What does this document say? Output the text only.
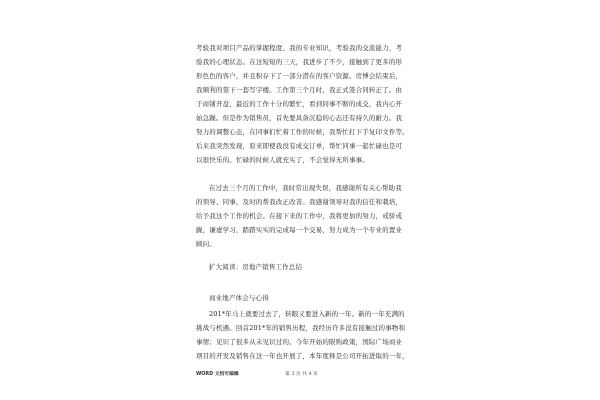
考验我对项目产品的掌握程度、我的专业知识，考验我的交流能力，考
验我的心理状态。在这短短的三天，我进步了不少，接触到了更多的形
形色色的客户，并且积存下了一部分潜在的客户资源。房博会结束后，
我顺利的签下一套写字楼。工作第三个月时，我正式签合同转正了。由
于商铺开盘，最近的工作十分的繁忙，看到同事不断的成交，我内心开
始急躁。但是作为销售员，首先要具备沉稳的心态还有持久的耐力。我
努力的调整心态，在同事们忙着工作的时候，我帮忙打下手复印文件等。
后来我突然发现，原来即使我没有成交订单，帮忙同事一起忙碌也是可
以很快乐的。忙碌的时候人就充实了，不会觉得无所事事。
在过去三个月的工作中，我时常出现失误，我感谢所有关心帮助我
的领导、同事，及时的帮我改正改善。我感谢领导对我的信任和栽培，
给予我这个工作的机会。在接下来的工作中，我将更加的努力，戒骄戒
躁，谦虚学习，踏踏实实的完成每一个交易，努力成为一个专业的置业
顾问。
扩大阅读：房地产销售工作总结
商业地产体会与心得
201*年马上就要过去了，转眼又要进入新的一年。新的一年充满的
挑战与机遇。回首201*年的销售历程，我经历许多没有接触过的事物和
事情；见识了很多从未见识过的。今年开始的限购政策，国际广场商业
项目的开发及销售在这一年也开展了，本年度释是公司开拓进取的一年，
WORD 文档可编辑	第 3 页 共 4 页
